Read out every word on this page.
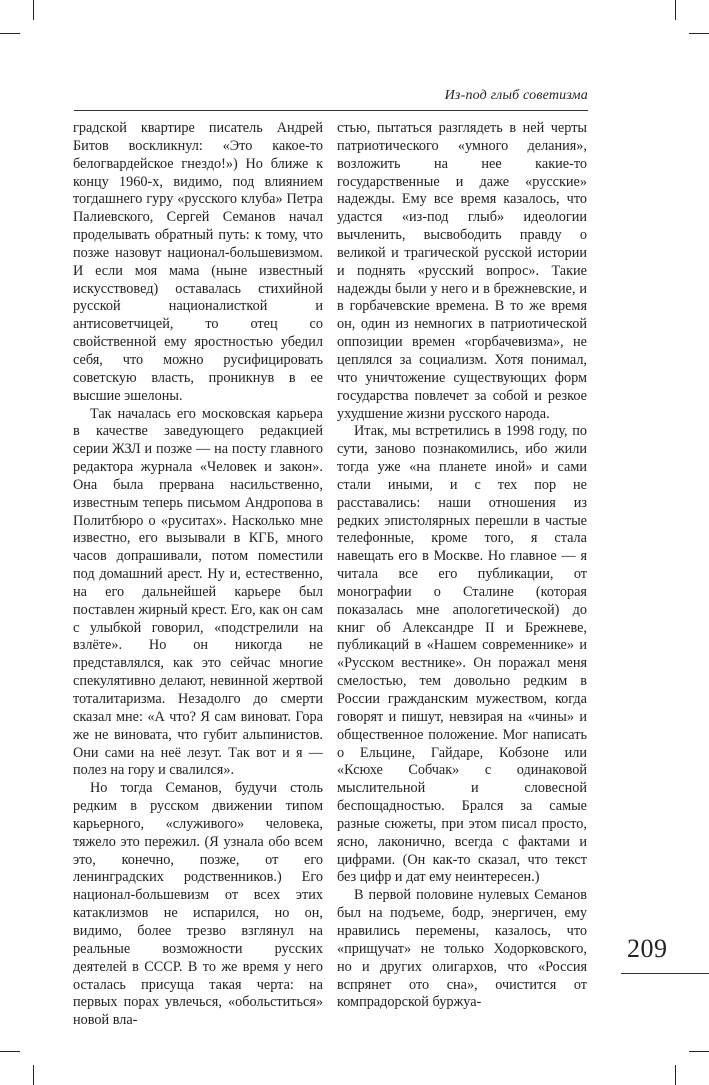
Из-под глыб советизма

градской квартире писатель Андрей Битов воскликнул: «Это какое-то белогвардейское гнездо!») Но ближе к концу 1960-х, видимо, под влиянием тогдашнего гуру «русского клуба» Петра Палиевского, Сергей Семанов начал проделывать обратный путь: к тому, что позже назовут национал-большевизмом. И если моя мама (ныне известный искусствовед) оставалась стихийной русской националисткой и антисоветчицей, то отец со свойственной ему яростностью убедил себя, что можно русифицировать советскую власть, проникнув в ее высшие эшелоны.

Так началась его московская карьера в качестве заведующего редакцией серии ЖЗЛ и позже — на посту главного редактора журнала «Человек и закон». Она была прервана насильственно, известным теперь письмом Андропова в Политбюро о «руситах». Насколько мне известно, его вызывали в КГБ, много часов допрашивали, потом поместили под домашний арест. Ну и, естественно, на его дальнейшей карьере был поставлен жирный крест. Его, как он сам с улыбкой говорил, «подстрелили на взлёте». Но он никогда не представлялся, как это сейчас многие спекулятивно делают, невинной жертвой тоталитаризма. Незадолго до смерти сказал мне: «А что? Я сам виноват. Гора же не виновата, что губит альпинистов. Они сами на неё лезут. Так вот и я — полез на гору и свалился».

Но тогда Семанов, будучи столь редким в русском движении типом карьерного, «служивого» человека, тяжело это пережил. (Я узнала обо всем это, конечно, позже, от его ленинградских родственников.) Его национал-большевизм от всех этих катаклизмов не испарился, но он, видимо, более трезво взглянул на реальные возможности русских деятелей в СССР. В то же время у него осталась присуща такая черта: на первых порах увлечься, «обольститься» новой вла-

стью, пытаться разглядеть в ней черты патриотического «умного делания», возложить на нее какие-то государственные и даже «русские» надежды. Ему все время казалось, что удастся «из-под глыб» идеологии вычленить, высвободить правду о великой и трагической русской истории и поднять «русский вопрос». Такие надежды были у него и в брежневские, и в горбачевские времена. В то же время он, один из немногих в патриотической оппозиции времен «горбачевизма», не цеплялся за социализм. Хотя понимал, что уничтожение существующих форм государства повлечет за собой и резкое ухудшение жизни русского народа.

Итак, мы встретились в 1998 году, по сути, заново познакомились, ибо жили тогда уже «на планете иной» и сами стали иными, и с тех пор не расставались: наши отношения из редких эпистолярных перешли в частые телефонные, кроме того, я стала навещать его в Москве. Но главное — я читала все его публикации, от монографии о Сталине (которая показалась мне апологетической) до книг об Александре II и Брежневе, публикаций в «Нашем современнике» и «Русском вестнике». Он поражал меня смелостью, тем довольно редким в России гражданским мужеством, когда говорят и пишут, невзирая на «чины» и общественное положение. Мог написать о Ельцине, Гайдаре, Кобзоне или «Ксюхе Собчак» с одинаковой мыслительной и словесной беспощадностью. Брался за самые разные сюжеты, при этом писал просто, ясно, лаконично, всегда с фактами и цифрами. (Он как-то сказал, что текст без цифр и дат ему неинтересен.)

В первой половине нулевых Семанов был на подъеме, бодр, энергичен, ему нравились перемены, казалось, что «прищучат» не только Ходорковского, но и других олигархов, что «Россия вспрянет ото сна», очистится от компрадорской буржуа-

209
